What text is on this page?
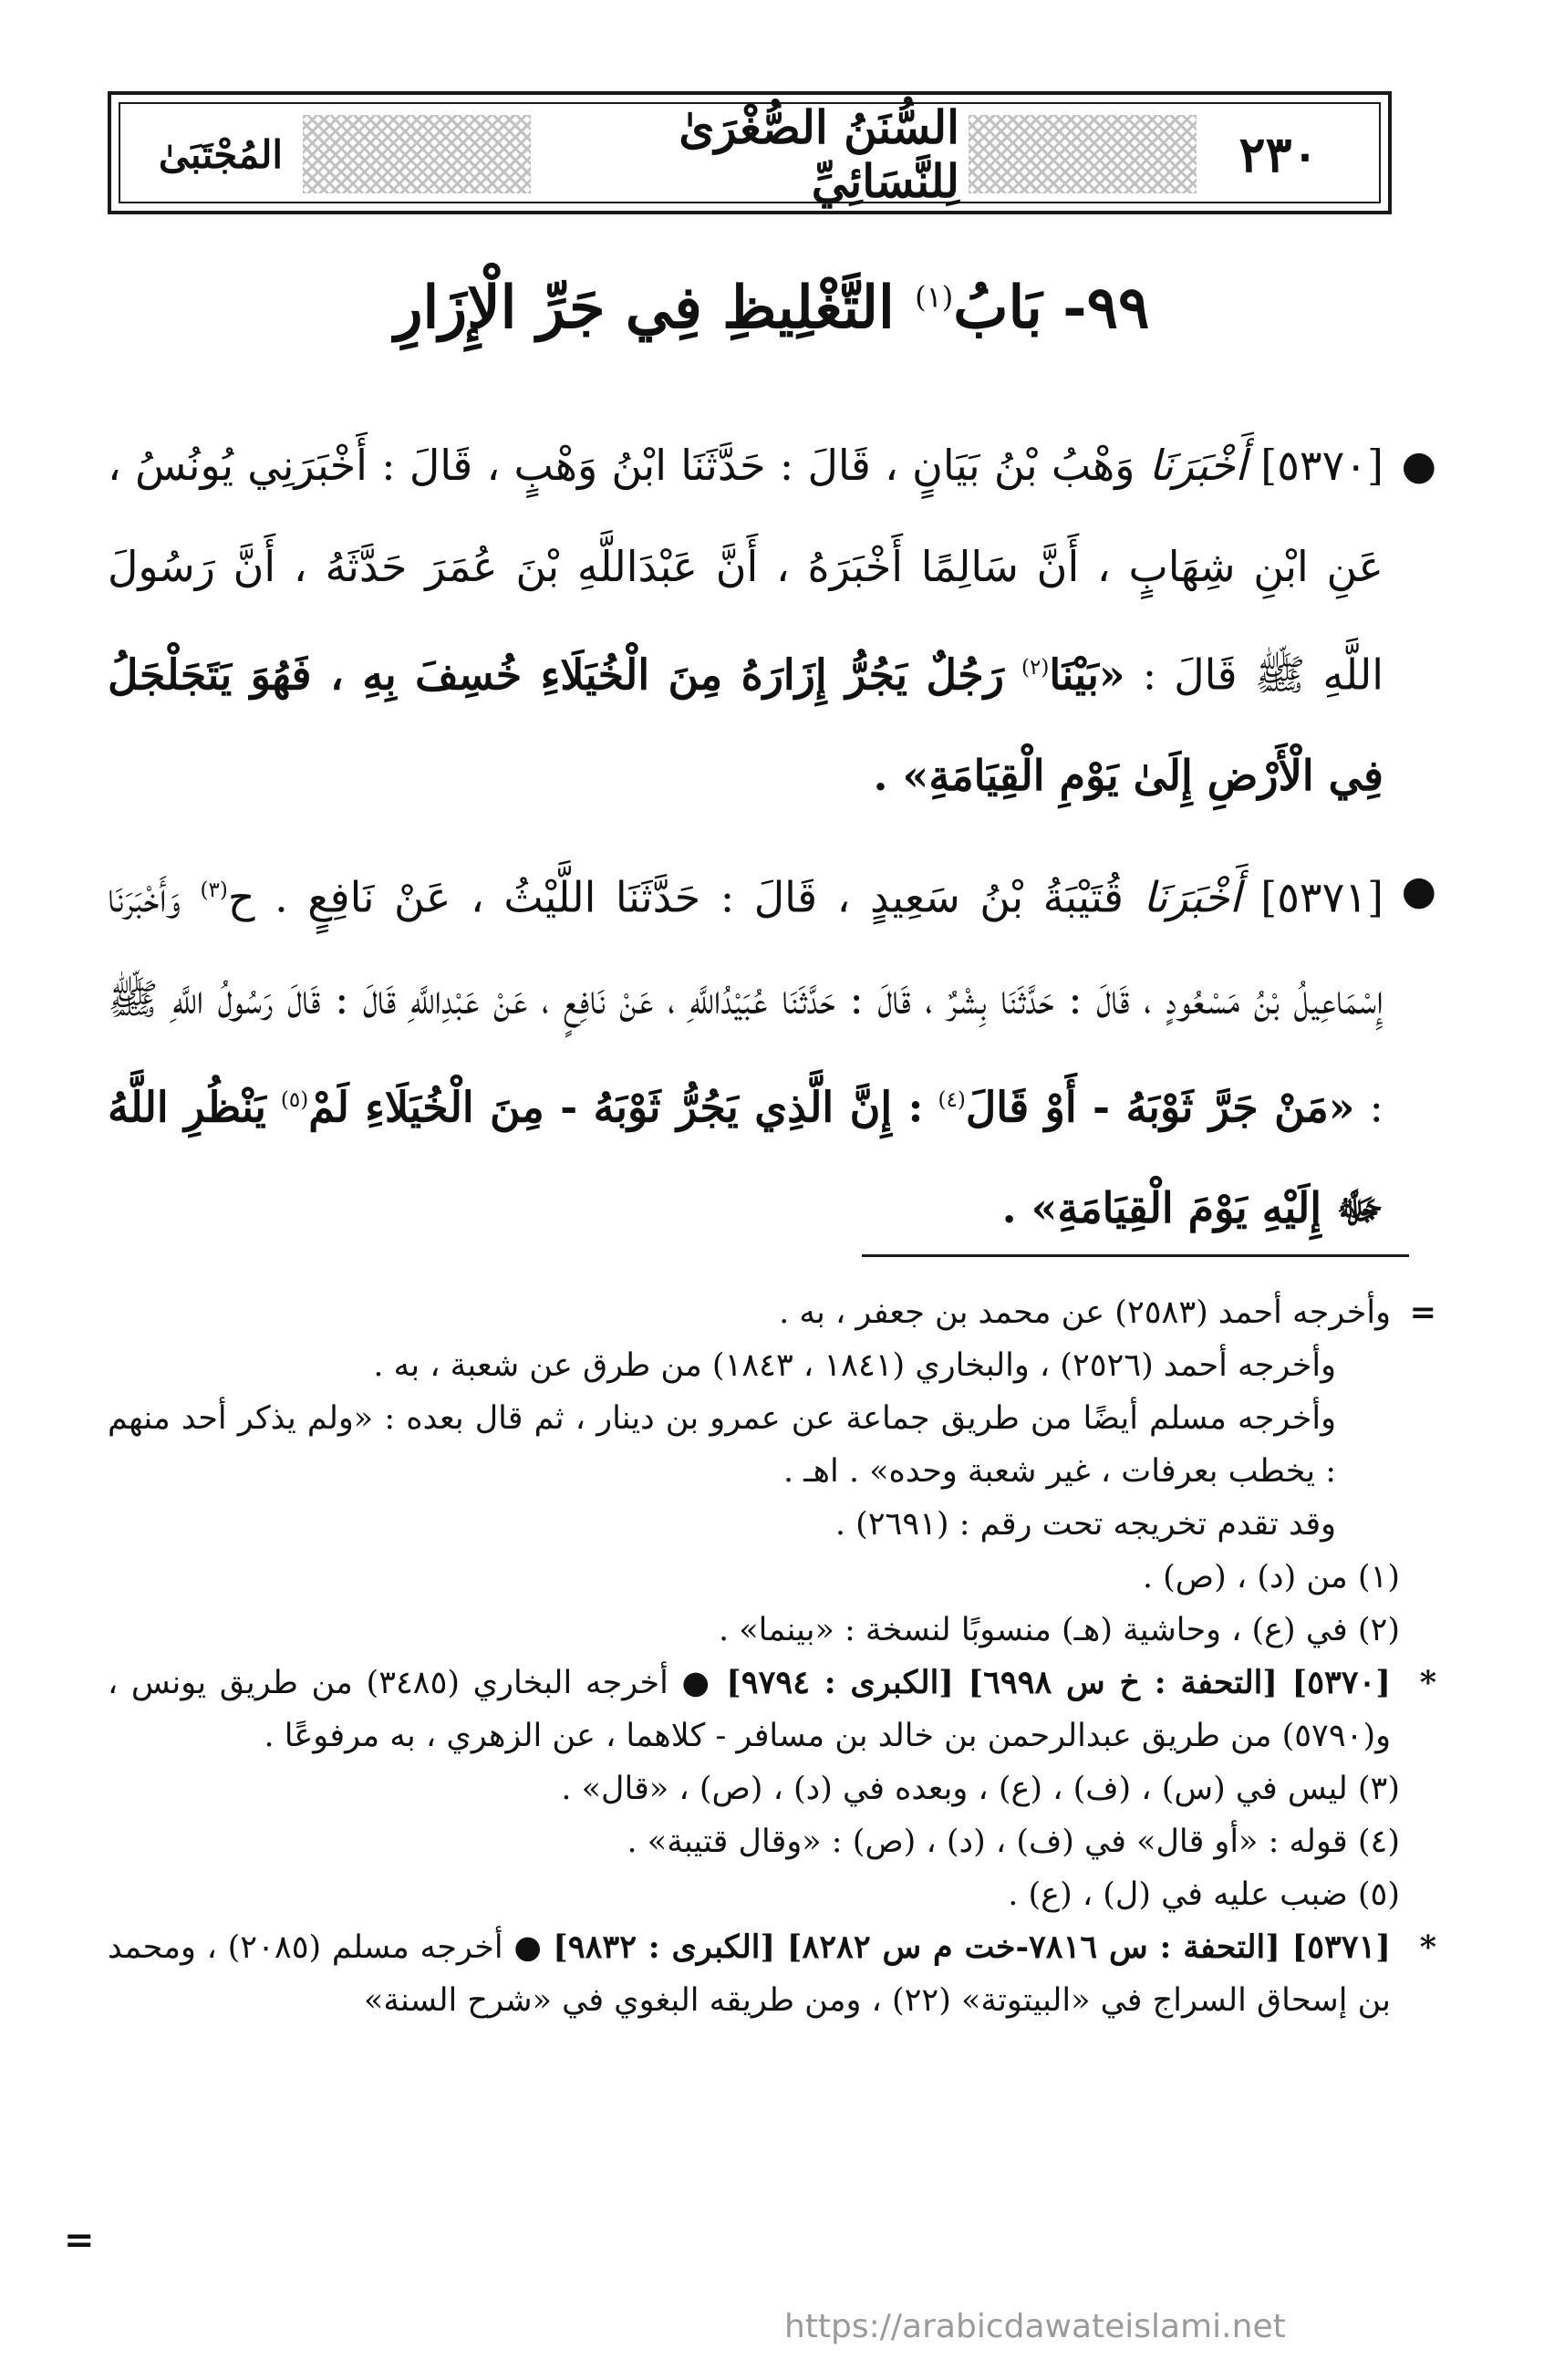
٢٣٠
السُّنَنُ الصُّغْرَىٰ لِلنَّسَائِيِّ
المُجْتَبَىٰ
٩٩- بَابُ$^{(١)}$ التَّغْلِيظِ فِي جَرِّ الْإِزَارِ

●
[٥٣٧٠] أَخْبَرَنَا وَهْبُ بْنُ بَيَانٍ ، قَالَ : حَدَّثَنَا ابْنُ وَهْبٍ ، قَالَ : أَخْبَرَنِي يُونُسُ ، عَنِ ابْنِ شِهَابٍ ، أَنَّ سَالِمًا أَخْبَرَهُ ، أَنَّ عَبْدَاللَّهِ بْنَ عُمَرَ حَدَّثَهُ ، أَنَّ رَسُولَ اللَّهِ ﷺ قَالَ : «بَيْنَا$^{(٢)}$ رَجُلٌ يَجُرُّ إِزَارَهُ مِنَ الْخُيَلَاءِ خُسِفَ بِهِ ، فَهُوَ يَتَجَلْجَلُ فِي الْأَرْضِ إِلَىٰ يَوْمِ الْقِيَامَةِ» .

●
[٥٣٧١] أَخْبَرَنَا قُتَيْبَةُ بْنُ سَعِيدٍ ، قَالَ : حَدَّثَنَا اللَّيْثُ ، عَنْ نَافِعٍ . ح$^{(٣)}$ وَأَخْبَرَنَا إِسْمَاعِيلُ بْنُ مَسْعُودٍ ، قَالَ : حَدَّثَنَا بِشْرٌ ، قَالَ : حَدَّثَنَا عُبَيْدُاللَّهِ ، عَنْ نَافِعٍ ، عَنْ عَبْدِاللَّهِ قَالَ : قَالَ رَسُولُ اللَّهِ ﷺ : «مَنْ جَرَّ ثَوْبَهُ - أَوْ قَالَ$^{(٤)}$ : إِنَّ الَّذِي يَجُرُّ ثَوْبَهُ - مِنَ الْخُيَلَاءِ لَمْ$^{(٥)}$ يَنْظُرِ اللَّهُ ﷻ إِلَيْهِ يَوْمَ الْقِيَامَةِ» .

=
وأخرجه أحمد (٢٥٨٣) عن محمد بن جعفر ، به .

وأخرجه أحمد (٢٥٢٦) ، والبخاري (١٨٤١ ، ١٨٤٣) من طرق عن شعبة ، به .

وأخرجه مسلم أيضًا من طريق جماعة عن عمرو بن دينار ، ثم قال بعده : «ولم يذكر أحد منهم : يخطب بعرفات ، غير شعبة وحده» . اهـ .

وقد تقدم تخريجه تحت رقم : (٢٦٩١) .

(١) من (د) ، (ص) .

(٢) في (ع) ، وحاشية (هـ) منسوبًا لنسخة : «بينما» .

*
[٥٣٧٠] [التحفة : خ س ٦٩٩٨] [الكبرى : ٩٧٩٤] ● أخرجه البخاري (٣٤٨٥) من طريق يونس ، و(٥٧٩٠) من طريق عبدالرحمن بن خالد بن مسافر - كلاهما ، عن الزهري ، به مرفوعًا .

(٣) ليس في (س) ، (ف) ، (ع) ، وبعده في (د) ، (ص) ، «قال» .

(٤) قوله : «أو قال» في (ف) ، (د) ، (ص) : «وقال قتيبة» .

(٥) ضبب عليه في (ل) ، (ع) .

*
[٥٣٧١] [التحفة : س ٧٨١٦-خت م س ٨٢٨٢] [الكبرى : ٩٨٣٢] ● أخرجه مسلم (٢٠٨٥) ، ومحمد بن إسحاق السراج في «البيتوتة» (٢٢) ، ومن طريقه البغوي في «شرح السنة»

=
https://arabicdawateislami.net
